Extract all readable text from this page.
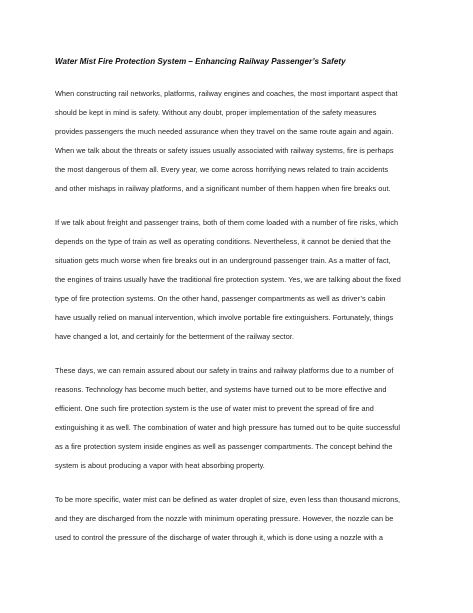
Water Mist Fire Protection System – Enhancing Railway Passenger’s Safety
When constructing rail networks, platforms, railway engines and coaches, the most important aspect that
should be kept in mind is safety. Without any doubt, proper implementation of the safety measures
provides passengers the much needed assurance when they travel on the same route again and again.
When we talk about the threats or safety issues usually associated with railway systems, fire is perhaps
the most dangerous of them all. Every year, we come across horrifying news related to train accidents
and other mishaps in railway platforms, and a significant number of them happen when fire breaks out.
If we talk about freight and passenger trains, both of them come loaded with a number of fire risks, which
depends on the type of train as well as operating conditions. Nevertheless, it cannot be denied that the
situation gets much worse when fire breaks out in an underground passenger train. As a matter of fact,
the engines of trains usually have the traditional fire protection system. Yes, we are talking about the fixed
type of fire protection systems. On the other hand, passenger compartments as well as driver’s cabin
have usually relied on manual intervention, which involve portable fire extinguishers. Fortunately, things
have changed a lot, and certainly for the betterment of the railway sector.
These days, we can remain assured about our safety in trains and railway platforms due to a number of
reasons. Technology has become much better, and systems have turned out to be more effective and
efficient. One such fire protection system is the use of water mist to prevent the spread of fire and
extinguishing it as well. The combination of water and high pressure has turned out to be quite successful
as a fire protection system inside engines as well as passenger compartments. The concept behind the
system is about producing a vapor with heat absorbing property.
To be more specific, water mist can be defined as water droplet of size, even less than thousand microns,
and they are discharged from the nozzle with minimum operating pressure. However, the nozzle can be
used to control the pressure of the discharge of water through it, which is done using a nozzle with a
